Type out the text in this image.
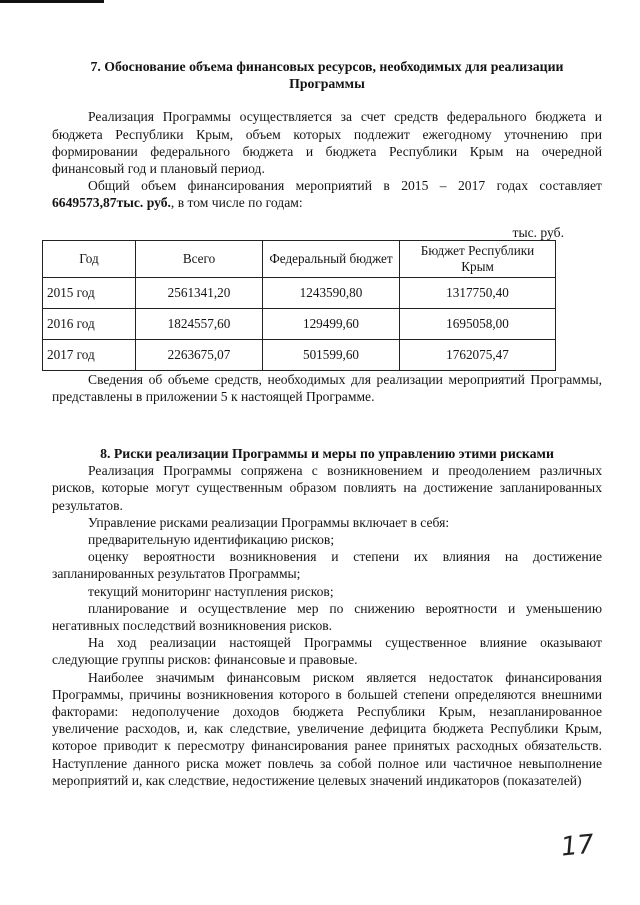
7. Обоснование объема финансовых ресурсов, необходимых для реализации Программы

Реализация Программы осуществляется за счет средств федерального бюджета и бюджета Республики Крым, объем которых подлежит ежегодному уточнению при формировании федерального бюджета и бюджета Республики Крым на очередной финансовый год и плановый период.

Общий объем финансирования мероприятий в 2015 – 2017 годах составляет 6649573,87тыс. руб., в том числе по годам:

тыс. руб.
Год	Всего	Федеральный бюджет	Бюджет Республики Крым
2015 год	2561341,20	1243590,80	1317750,40
2016 год	1824557,60	129499,60	1695058,00
2017 год	2263675,07	501599,60	1762075,47

Сведения об объеме средств, необходимых для реализации мероприятий Программы, представлены в приложении 5 к настоящей Программе.

8. Риски реализации Программы и меры по управлению этими рисками

Реализация Программы сопряжена с возникновением и преодолением различных рисков, которые могут существенным образом повлиять на достижение запланированных результатов.

Управление рисками реализации Программы включает в себя:

предварительную идентификацию рисков;

оценку вероятности возникновения и степени их влияния на достижение запланированных результатов Программы;

текущий мониторинг наступления рисков;

планирование и осуществление мер по снижению вероятности и уменьшению негативных последствий возникновения рисков.

На ход реализации настоящей Программы существенное влияние оказывают следующие группы рисков: финансовые и правовые.

Наиболее значимым финансовым риском является недостаток финансирования Программы, причины возникновения которого в большей степени определяются внешними факторами: недополучение доходов бюджета Республики Крым, незапланированное увеличение расходов, и, как следствие, увеличение дефицита бюджета Республики Крым, которое приводит к пересмотру финансирования ранее принятых расходных обязательств. Наступление данного риска может повлечь за собой полное или частичное невыполнение мероприятий и, как следствие, недостижение целевых значений индикаторов (показателей)

17
